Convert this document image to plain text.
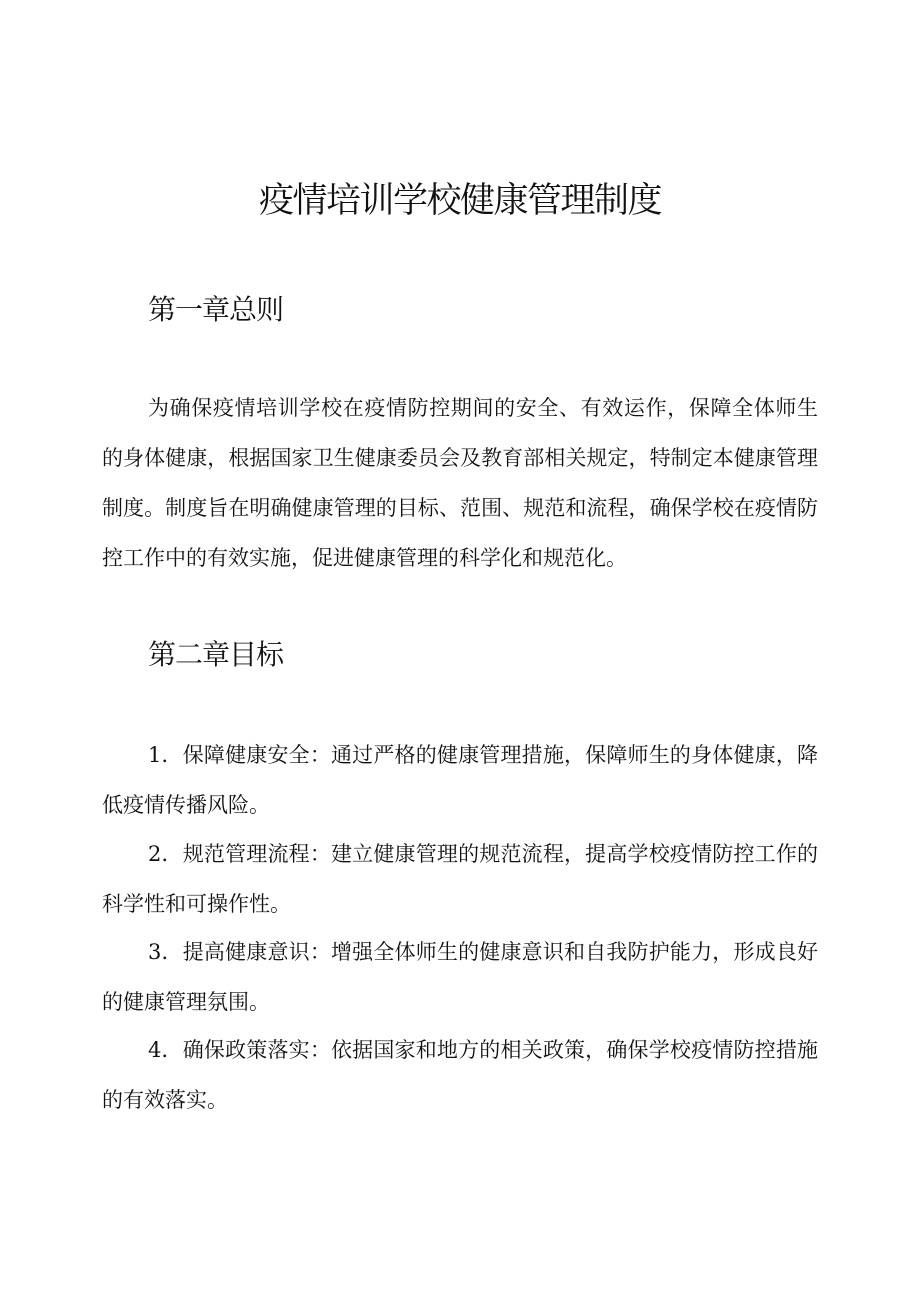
疫情培训学校健康管理制度
第一章总则

为确保疫情培训学校在疫情防控期间的安全、有效运作，保障全体师生的身体健康，根据国家卫生健康委员会及教育部相关规定，特制定本健康管理制度。制度旨在明确健康管理的目标、范围、规范和流程，确保学校在疫情防控工作中的有效实施，促进健康管理的科学化和规范化。

第二章目标

1．保障健康安全：通过严格的健康管理措施，保障师生的身体健康，降低疫情传播风险。

2．规范管理流程：建立健康管理的规范流程，提高学校疫情防控工作的科学性和可操作性。

3．提高健康意识：增强全体师生的健康意识和自我防护能力，形成良好的健康管理氛围。

4．确保政策落实：依据国家和地方的相关政策，确保学校疫情防控措施的有效落实。
